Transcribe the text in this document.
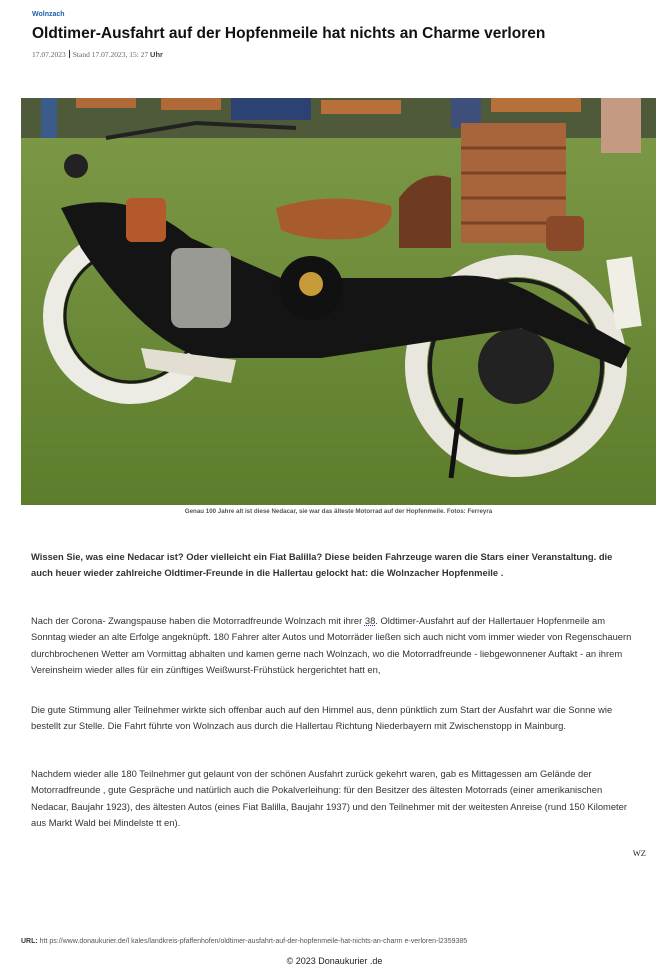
Wolnzach
Oldtimer-Ausfahrt auf der Hopfenmeile hat nichts an Charme verloren
17.07.2023 Stand 17.07.2023, 15: 27 Uhr
Genau 100 Jahre alt ist diese Nedacar, sie war das älteste Motorrad auf der Hopfenmeile. Fotos: Ferreyra

Wissen Sie, was eine Nedacar ist? Oder vielleicht ein Fiat Balilla? Diese beiden Fahrzeuge waren die Stars einer Veranstaltung. die auch heuer wieder zahlreiche Oldtimer-Freunde in die Hallertau gelockt hat: die Wolnzacher Hopfenmeile .

Nach der Corona- Zwangspause haben die Motorradfreunde Wolnzach mit ihrer 38. Oldtimer-Ausfahrt auf der Hallertauer Hopfenmeile am Sonntag wieder an alte Erfolge angeknüpft. 180 Fahrer alter Autos und Motorräder ließen sich auch nicht vom immer wieder von Regenschauern durchbrochenen Wetter am Vormittag abhalten und kamen gerne nach Wolnzach, wo die Motorradfreunde - liebgewonnener Auftakt - an ihrem Vereinsheim wieder alles für ein zünftiges Weißwurst-Frühstück hergerichtet hatt en,

Die gute Stimmung aller Teilnehmer wirkte sich offenbar auch auf den Himmel aus, denn pünktlich zum Start der Ausfahrt war die Sonne wie bestellt zur Stelle. Die Fahrt führte von Wolnzach aus durch die Hallertau Richtung Niederbayern mit Zwischenstopp in Mainburg.

Nachdem wieder alle 180 Teilnehmer gut gelaunt von der schönen Ausfahrt zurück gekehrt waren, gab es Mittagessen am Gelände der Motorradfreunde , gute Gespräche und natürlich auch die Pokalverleihung: für den Besitzer des ältesten Motorrads (einer amerikanischen Nedacar, Baujahr 1923), des ältesten Autos (eines Fiat Balilla, Baujahr 1937) und den Teilnehmer mit der weitesten Anreise (rund 150 Kilometer aus Markt Wald bei Mindelste tt en).

WZ
URL: htt ps://www.donaukurier.de/l kales/landkreis-pfaffenhofen/oldtimer-ausfahrt-auf-der-hopfenmeile-hat-nichts-an-charm e-verloren-l2359385
© 2023 Donaukurier .de
